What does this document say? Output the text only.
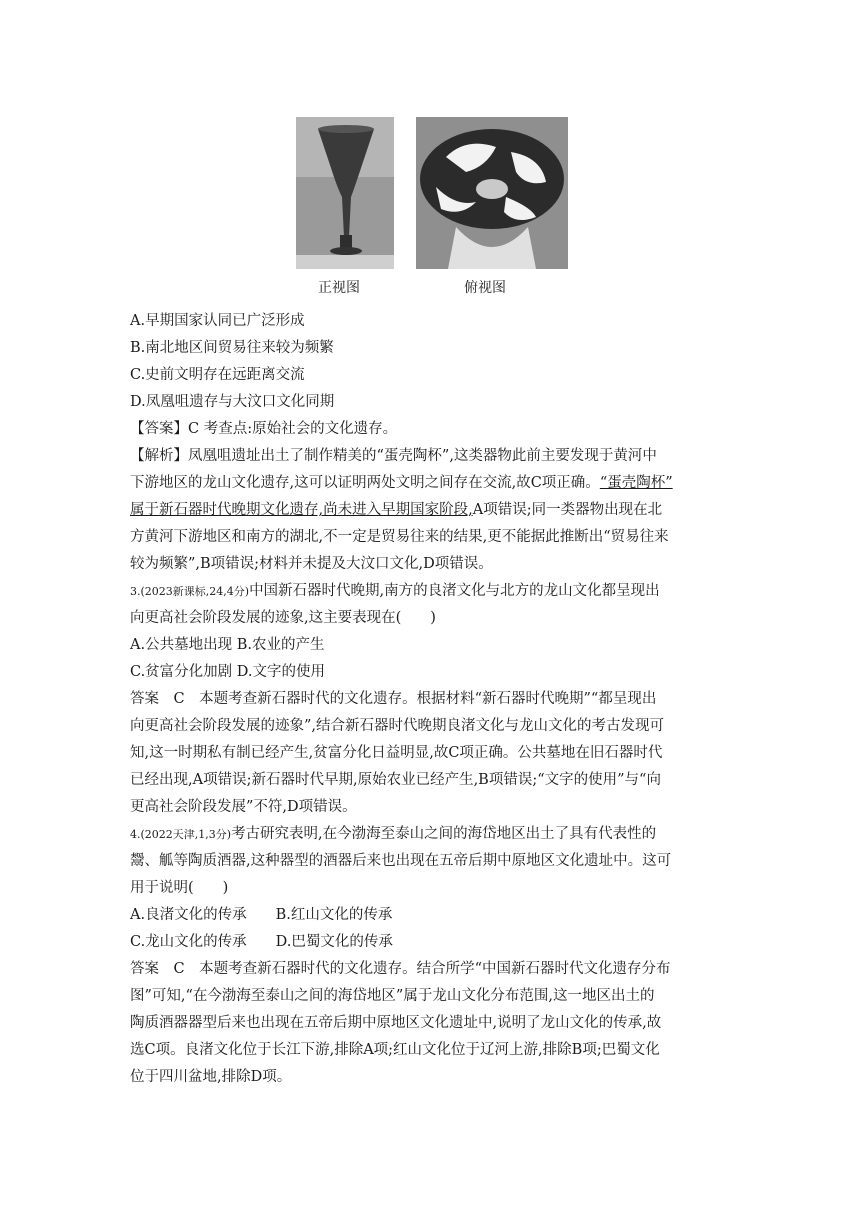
正视图	俯视图
A.早期国家认同已广泛形成
B.南北地区间贸易往来较为频繁
C.史前文明存在远距离交流
D.凤凰咀遗存与大汶口文化同期
【答案】C 考查点:原始社会的文化遗存。
【解析】凤凰咀遗址出土了制作精美的“蛋壳陶杯”,这类器物此前主要发现于黄河中
下游地区的龙山文化遗存,这可以证明两处文明之间存在交流,故C项正确。“蛋壳陶杯”
属于新石器时代晚期文化遗存,尚未进入早期国家阶段,A项错误;同一类器物出现在北
方黄河下游地区和南方的湖北,不一定是贸易往来的结果,更不能据此推断出“贸易往来
较为频繁”,B项错误;材料并未提及大汶口文化,D项错误。
3.(2023新课标,24,4分)中国新石器时代晚期,南方的良渚文化与北方的龙山文化都呈现出
向更高社会阶段发展的迹象,这主要表现在(　　)
A.公共墓地出现 B.农业的产生
C.贫富分化加剧 D.文字的使用
答案　C　本题考查新石器时代的文化遗存。根据材料“新石器时代晚期”“都呈现出
向更高社会阶段发展的迹象”,结合新石器时代晚期良渚文化与龙山文化的考古发现可
知,这一时期私有制已经产生,贫富分化日益明显,故C项正确。公共墓地在旧石器时代
已经出现,A项错误;新石器时代早期,原始农业已经产生,B项错误;“文字的使用”与“向
更高社会阶段发展”不符,D项错误。
4.(2022天津,1,3分)考古研究表明,在今渤海至泰山之间的海岱地区出土了具有代表性的
鬶、觚等陶质酒器,这种器型的酒器后来也出现在五帝后期中原地区文化遗址中。这可
用于说明(　　)
A.良渚文化的传承　　B.红山文化的传承
C.龙山文化的传承　　D.巴蜀文化的传承
答案　C　本题考查新石器时代的文化遗存。结合所学“中国新石器时代文化遗存分布
图”可知,“在今渤海至泰山之间的海岱地区”属于龙山文化分布范围,这一地区出土的
陶质酒器器型后来也出现在五帝后期中原地区文化遗址中,说明了龙山文化的传承,故
选C项。良渚文化位于长江下游,排除A项;红山文化位于辽河上游,排除B项;巴蜀文化
位于四川盆地,排除D项。
